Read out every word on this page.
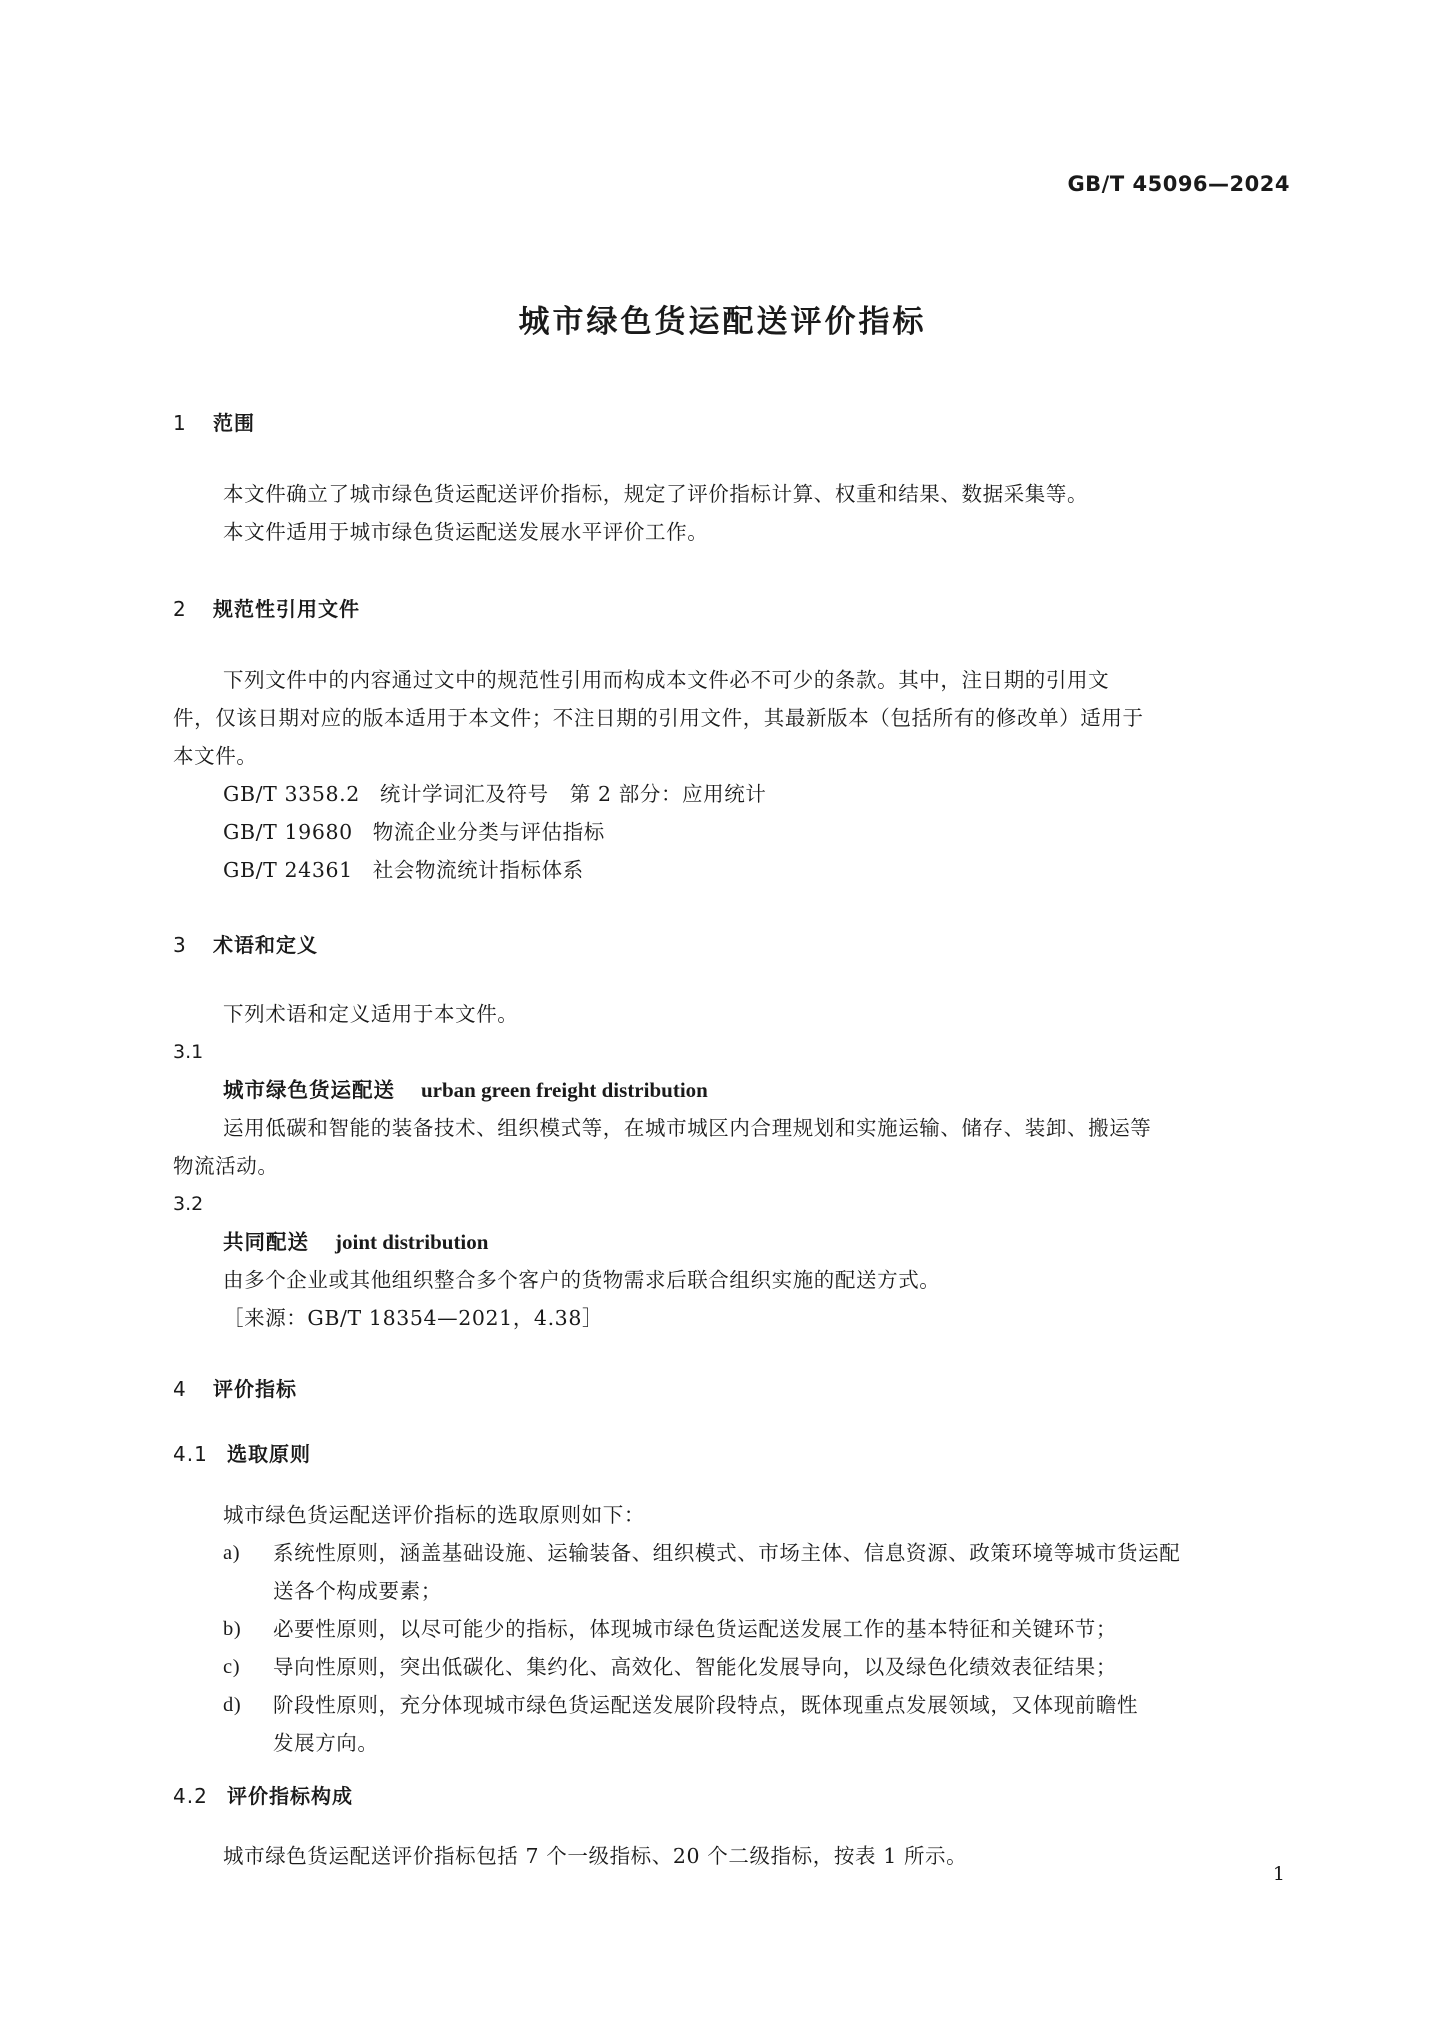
GB/T 45096—2024
城市绿色货运配送评价指标
1 范围
本文件确立了城市绿色货运配送评价指标，规定了评价指标计算、权重和结果、数据采集等。
本文件适用于城市绿色货运配送发展水平评价工作。
2 规范性引用文件
下列文件中的内容通过文中的规范性引用而构成本文件必不可少的条款。其中，注日期的引用文
件，仅该日期对应的版本适用于本文件；不注日期的引用文件，其最新版本（包括所有的修改单）适用于
本文件。
GB/T 3358.2 统计学词汇及符号　第 2 部分：应用统计
GB/T 19680 物流企业分类与评估指标
GB/T 24361 社会物流统计指标体系
3 术语和定义
下列术语和定义适用于本文件。
3.1
城市绿色货运配送 urban green freight distribution
运用低碳和智能的装备技术、组织模式等，在城市城区内合理规划和实施运输、储存、装卸、搬运等
物流活动。
3.2
共同配送 joint distribution
由多个企业或其他组织整合多个客户的货物需求后联合组织实施的配送方式。
［来源：GB/T 18354—2021，4.38］
4 评价指标
4.1 选取原则
城市绿色货运配送评价指标的选取原则如下：
a)	系统性原则，涵盖基础设施、运输装备、组织模式、市场主体、信息资源、政策环境等城市货运配
送各个构成要素；
b)	必要性原则，以尽可能少的指标，体现城市绿色货运配送发展工作的基本特征和关键环节；
c)	导向性原则，突出低碳化、集约化、高效化、智能化发展导向，以及绿色化绩效表征结果；
d)	阶段性原则，充分体现城市绿色货运配送发展阶段特点，既体现重点发展领域，又体现前瞻性
发展方向。
4.2 评价指标构成
城市绿色货运配送评价指标包括 7 个一级指标、20 个二级指标，按表 1 所示。
1
